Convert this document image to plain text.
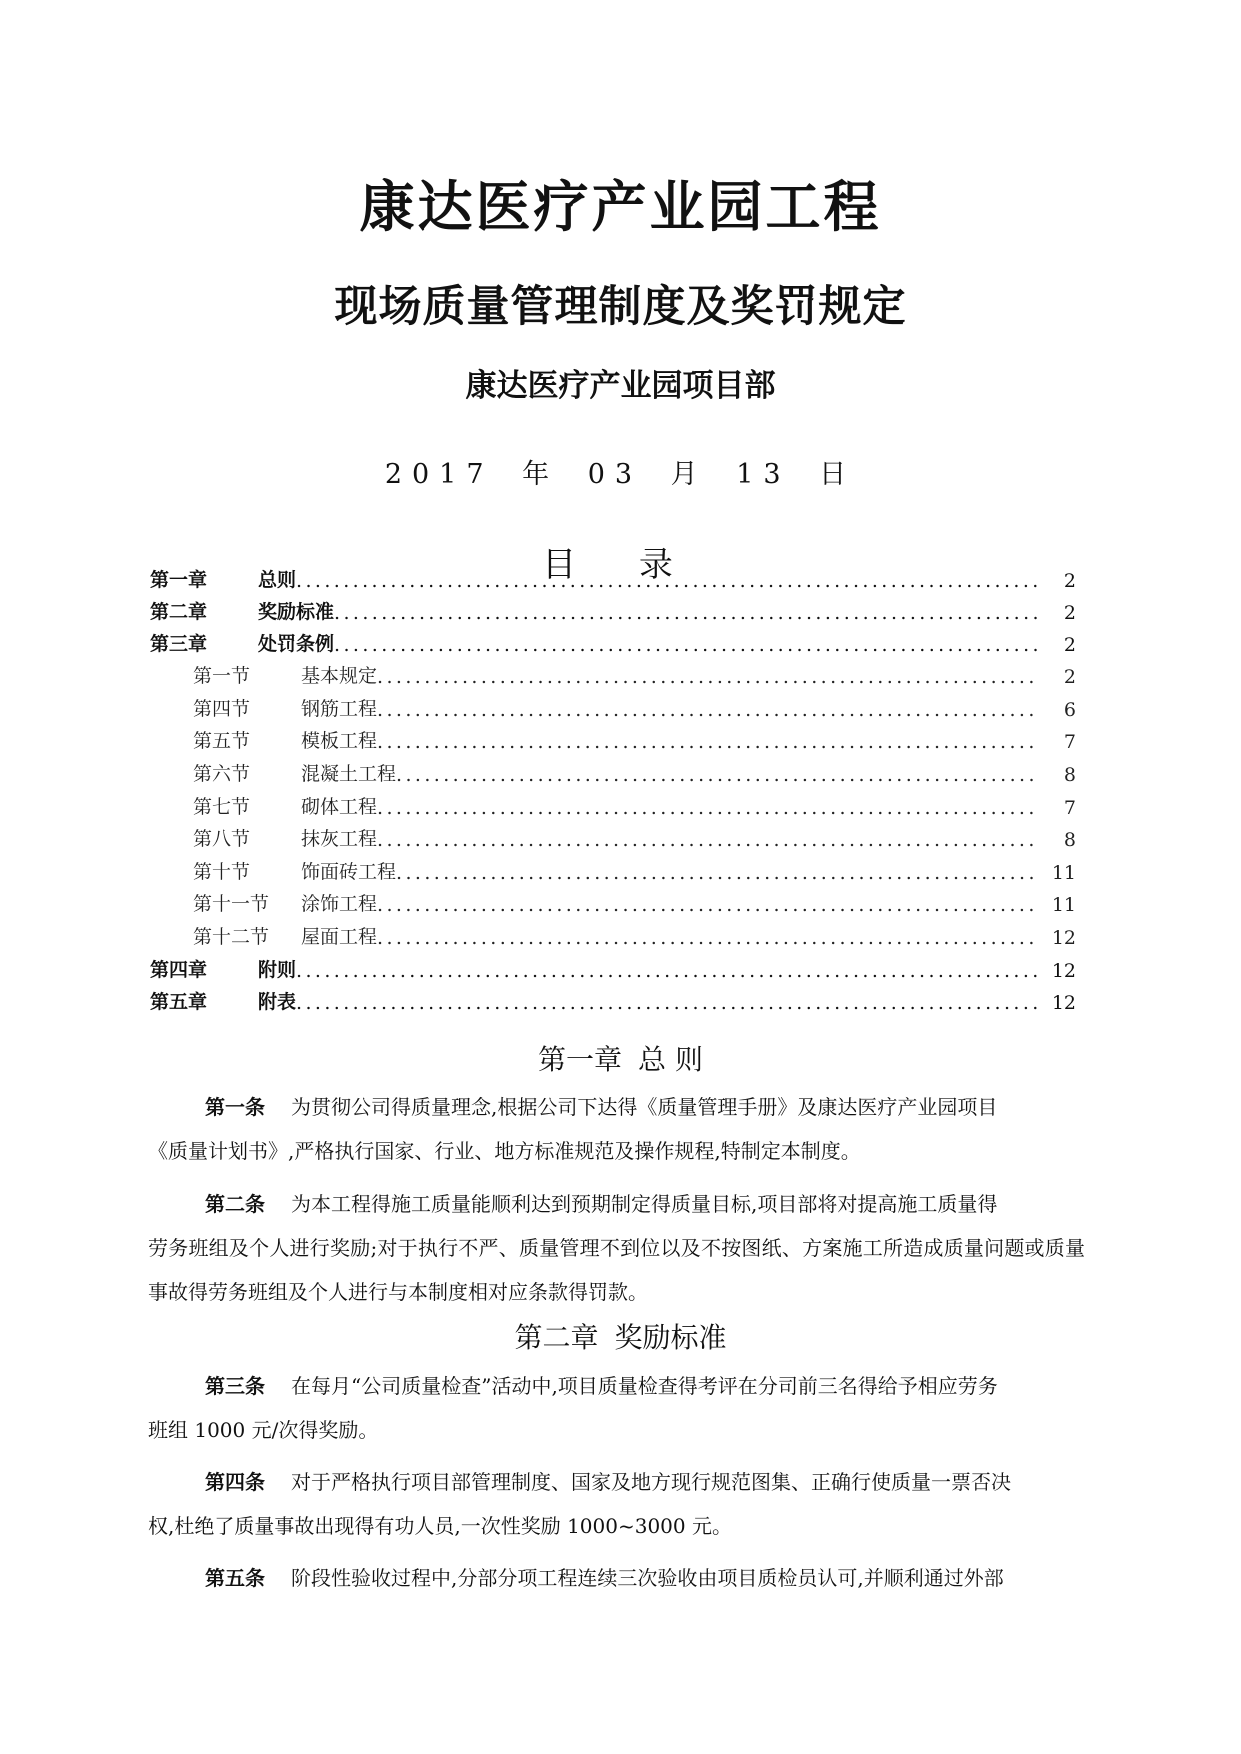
康达医疗产业园工程
现场质量管理制度及奖罚规定
康达医疗产业园项目部
2017 年 03 月 13 日
目 录
第一章	总则 .....	2
第二章	奖励标准 .....	2
第三章	处罚条例 .....	2
第一节	基本规定 .....	2
第四节	钢筋工程 .....	6
第五节	模板工程 .....	7
第六节	混凝土工程 .....	8
第七节	砌体工程 .....	7
第八节	抹灰工程 .....	8
第十节	饰面砖工程 .....	11
第十一节	涂饰工程 .....	11
第十二节	屋面工程 .....	12
第四章	附则 .....	12
第五章	附表 .....	12
第一章 总 则
第一条 为贯彻公司得质量理念,根据公司下达得《质量管理手册》及康达医疗产业园项目
《质量计划书》,严格执行国家、行业、地方标准规范及操作规程,特制定本制度。
第二条 为本工程得施工质量能顺利达到预期制定得质量目标,项目部将对提高施工质量得
劳务班组及个人进行奖励;对于执行不严、质量管理不到位以及不按图纸、方案施工所造成质量问题或质量事故得劳务班组及个人进行与本制度相对应条款得罚款。
第二章 奖励标准
第三条 在每月“公司质量检查”活动中,项目质量检查得考评在分司前三名得给予相应劳务
班组 1000 元/次得奖励。
第四条 对于严格执行项目部管理制度、国家及地方现行规范图集、正确行使质量一票否决
权,杜绝了质量事故出现得有功人员,一次性奖励 1000~3000 元。
第五条 阶段性验收过程中,分部分项工程连续三次验收由项目质检员认可,并顺利通过外部
